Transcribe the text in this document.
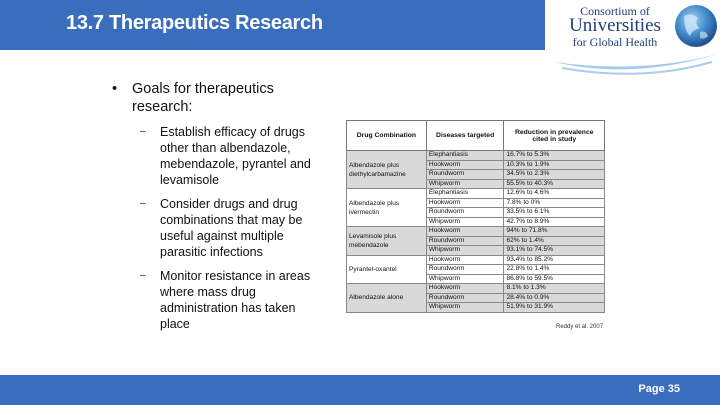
13.7 Therapeutics Research
Consortium of
Universities
for Global Health
• Goals for therapeutics research:
– Establish efficacy of drugs other than albendazole, mebendazole, pyrantel and levamisole
– Consider drugs and drug combinations that may be useful against multiple parasitic infections
– Monitor resistance in areas where mass drug administration has taken place
Drug Combination	Diseases targeted	Reduction in prevalence cited in study
Albendazole plus diethylcarbamazine	Elephantiasis	16.7% to 5.3%
	Hookworm	10.3% to 1.9%
	Roundworm	34.5% to 2.3%
	Whipworm	55.5% to 40.3%
Albendazole plus ivermectin	Elephantiasis	12.6% to 4.6%
	Hookworm	7.8% to 0%
	Roundworm	33.5% to 6.1%
	Whipworm	42.7% to 8.9%
Levamisole plus mebendazole	Hookworm	94% to 71.8%
	Roundworm	62% to 1.4%
	Whipworm	93.1% to 74.5%
Pyrantel-oxantel	Hookworm	93.4% to 85.2%
	Roundworm	22.8% to 1.4%
	Whipworm	86.8% to 59.5%
Albendazole alone	Hookworm	8.1% to 1.3%
	Roundworm	28.4% to 0.9%
	Whipworm	51.9% to 31.9%
Reddy et al. 2007
Page 35
